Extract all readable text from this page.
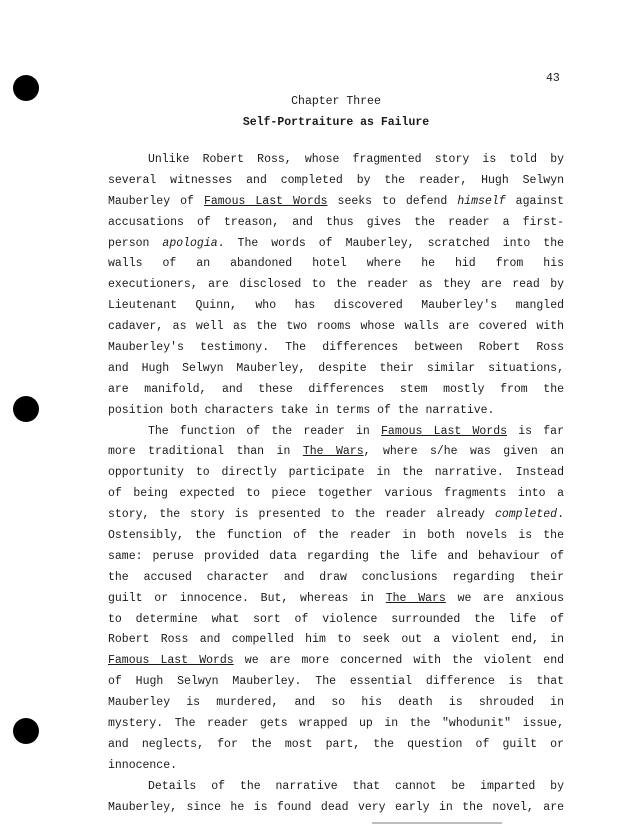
43
Chapter Three
Self-Portraiture as Failure
Unlike Robert Ross, whose fragmented story is told by
several witnesses and completed by the reader, Hugh Selwyn
Mauberley of Famous Last Words seeks to defend himself against
accusations of treason, and thus gives the reader a first-
person apologia. The words of Mauberley, scratched into the
walls of an abandoned hotel where he hid from his
executioners, are disclosed to the reader as they are read by
Lieutenant Quinn, who has discovered Mauberley's mangled
cadaver, as well as the two rooms whose walls are covered with
Mauberley's testimony. The differences between Robert Ross
and Hugh Selwyn Mauberley, despite their similar situations,
are manifold, and these differences stem mostly from the
position both characters take in terms of the narrative.
The function of the reader in Famous Last Words is far
more traditional than in The Wars, where s/he was given an
opportunity to directly participate in the narrative. Instead
of being expected to piece together various fragments into a
story, the story is presented to the reader already completed.
Ostensibly, the function of the reader in both novels is the
same: peruse provided data regarding the life and behaviour of
the accused character and draw conclusions regarding their
guilt or innocence. But, whereas in The Wars we are anxious
to determine what sort of violence surrounded the life of
Robert Ross and compelled him to seek out a violent end, in
Famous Last Words we are more concerned with the violent end
of Hugh Selwyn Mauberley. The essential difference is that
Mauberley is murdered, and so his death is shrouded in
mystery. The reader gets wrapped up in the "whodunit" issue,
and neglects, for the most part, the question of guilt or
innocence.
Details of the narrative that cannot be imparted by
Mauberley, since he is found dead very early in the novel, are
